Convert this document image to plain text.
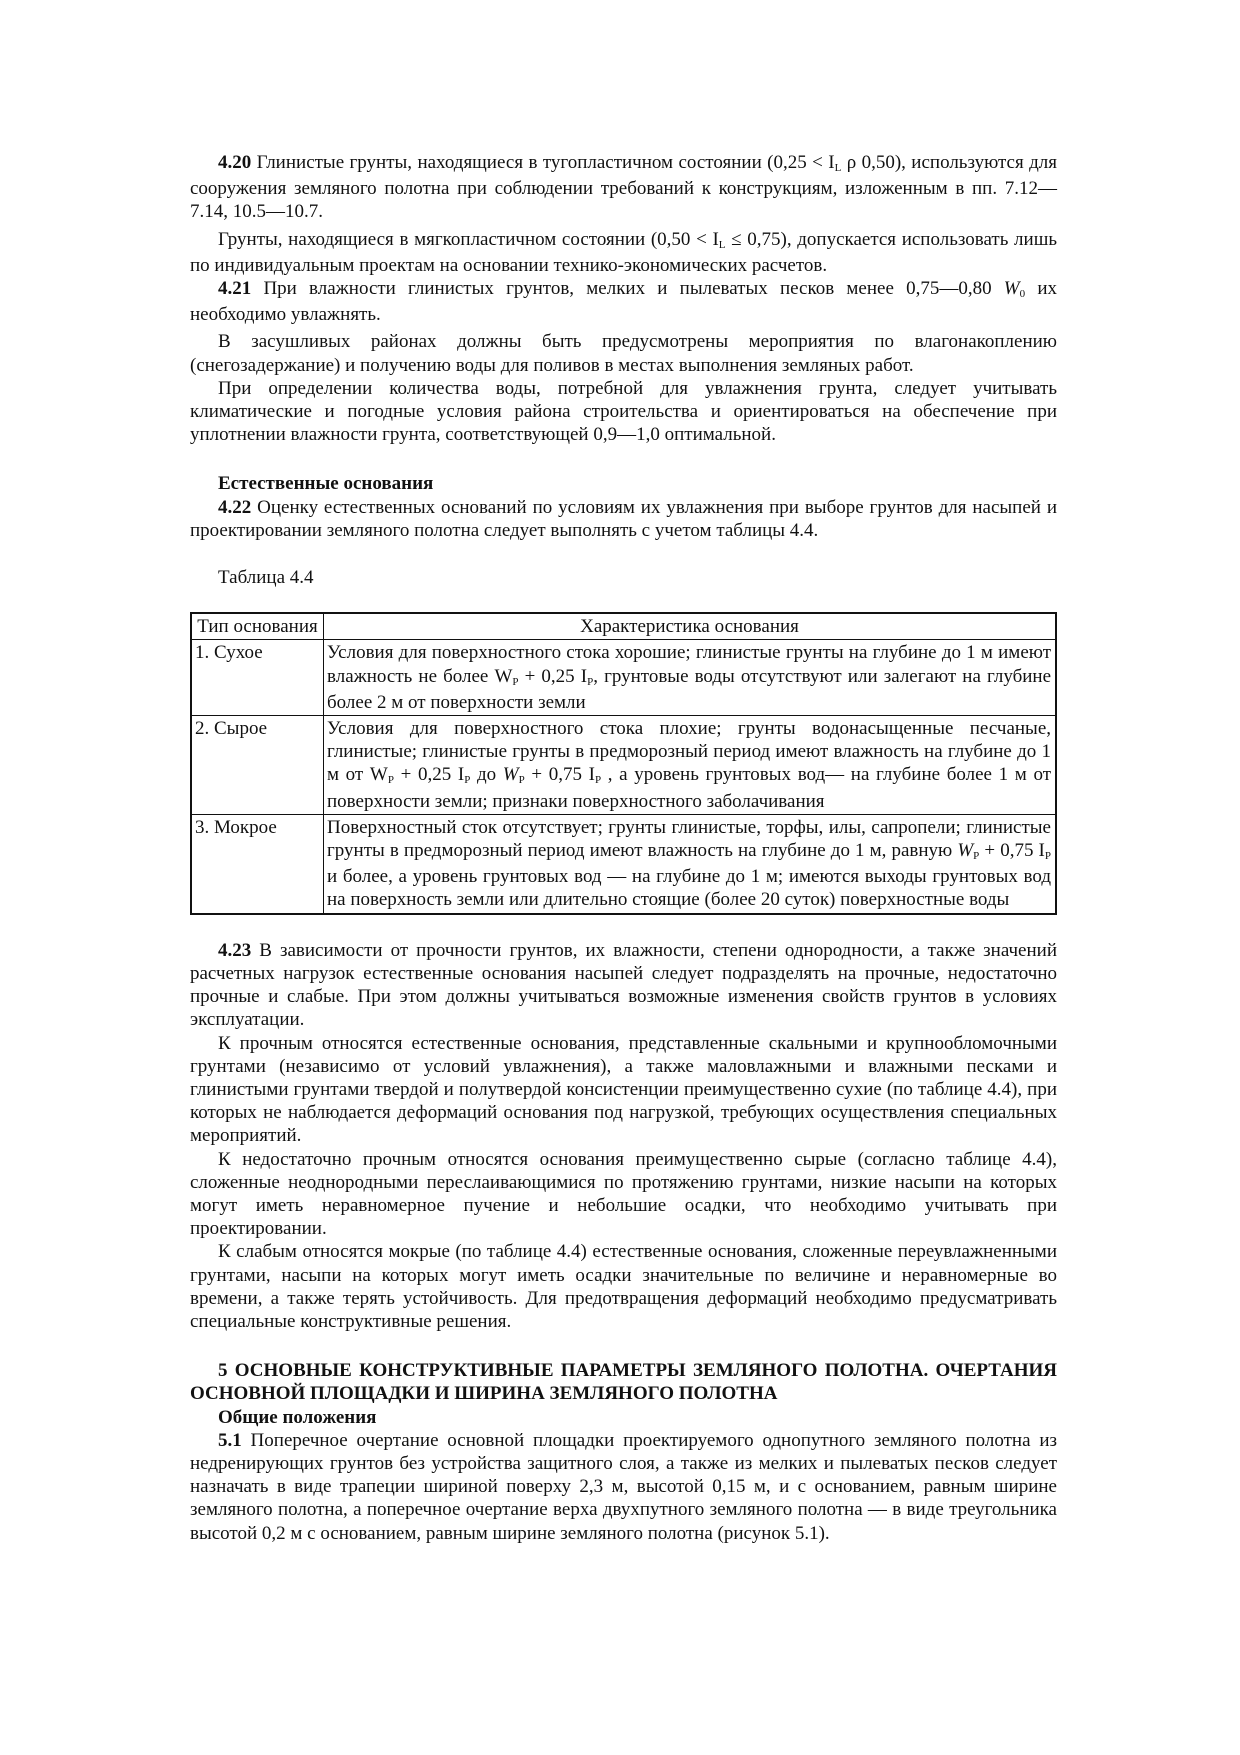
4.20 Глинистые грунты, находящиеся в тугопластичном состоянии ($0,25 < I_L$ ρ 0,50), используются для сооружения земляного полотна при соблюдении требований к конструкциям, изложенным в пп. 7.12—7.14, 10.5—10.7.

Грунты, находящиеся в мягкопластичном состоянии $(0,50 < I_L \le 0,75)$, допускается использовать лишь по индивидуальным проектам на основании технико-экономических расчетов.

4.21 При влажности глинистых грунтов, мелких и пылеватых песков менее 0,75—0,80 $W_0$ их необходимо увлажнять.

В засушливых районах должны быть предусмотрены мероприятия по влагонакоплению (снегозадержание) и получению воды для поливов в местах выполнения земляных работ.

При определении количества воды, потребной для увлажнения грунта, следует учитывать климатические и погодные условия района строительства и ориентироваться на обеспечение при уплотнении влажности грунта, соответствующей 0,9—1,0 оптимальной.

Естественные основания

4.22 Оценку естественных оснований по условиям их увлажнения при выборе грунтов для насыпей и проектировании земляного полотна следует выполнять с учетом таблицы 4.4.

Таблица 4.4

Тип основания	Характеристика основания
1. Сухое	Условия для поверхностного стока хорошие; глинистые грунты на глубине до 1 м имеют влажность не более $W_P + 0,25$ $I_P$, грунтовые воды отсутствуют или залегают на глубине более 2 м от поверхности земли
2. Сырое	Условия для поверхностного стока плохие; грунты водонасыщенные песчаные, глинистые; глинистые грунты в предморозный период имеют влажность на глубине до 1 м от $W_P + 0,25$ $I_P$ до $W_P + 0,75$ $I_P$ , а уровень грунтовых вод— на глубине более 1 м от поверхности земли; признаки поверхностного заболачивания
3. Мокрое	Поверхностный сток отсутствует; грунты глинистые, торфы, илы, сапропели; глинистые грунты в предморозный период имеют влажность на глубине до 1 м, равную $W_P + 0,75$ $I_P$ и более, а уровень грунтовых вод — на глубине до 1 м; имеются выходы грунтовых вод на поверхность земли или длительно стоящие (более 20 суток) поверхностные воды

4.23 В зависимости от прочности грунтов, их влажности, степени однородности, а также значений расчетных нагрузок естественные основания насыпей следует подразделять на прочные, недостаточно прочные и слабые. При этом должны учитываться возможные изменения свойств грунтов в условиях эксплуатации.

К прочным относятся естественные основания, представленные скальными и крупнообломочными грунтами (независимо от условий увлажнения), а также маловлажными и влажными песками и глинистыми грунтами твердой и полутвердой консистенции преимущественно сухие (по таблице 4.4), при которых не наблюдается деформаций основания под нагрузкой, требующих осуществления специальных мероприятий.

К недостаточно прочным относятся основания преимущественно сырые (согласно таблице 4.4), сложенные неоднородными переслаивающимися по протяжению грунтами, низкие насыпи на которых могут иметь неравномерное пучение и небольшие осадки, что необходимо учитывать при проектировании.

К слабым относятся мокрые (по таблице 4.4) естественные основания, сложенные переувлажненными грунтами, насыпи на которых могут иметь осадки значительные по величине и неравномерные во времени, а также терять устойчивость. Для предотвращения деформаций необходимо предусматривать специальные конструктивные решения.

5 ОСНОВНЫЕ КОНСТРУКТИВНЫЕ ПАРАМЕТРЫ ЗЕМЛЯНОГО ПОЛОТНА. ОЧЕРТАНИЯ ОСНОВНОЙ ПЛОЩАДКИ И ШИРИНА ЗЕМЛЯНОГО ПОЛОТНА
Общие положения

5.1 Поперечное очертание основной площадки проектируемого однопутного земляного полотна из недренирующих грунтов без устройства защитного слоя, а также из мелких и пылеватых песков следует назначать в виде трапеции шириной поверху 2,3 м, высотой 0,15 м, и с основанием, равным ширине земляного полотна, а поперечное очертание верха двухпутного земляного полотна — в виде треугольника высотой 0,2 м с основанием, равным ширине земляного полотна (рисунок 5.1).
